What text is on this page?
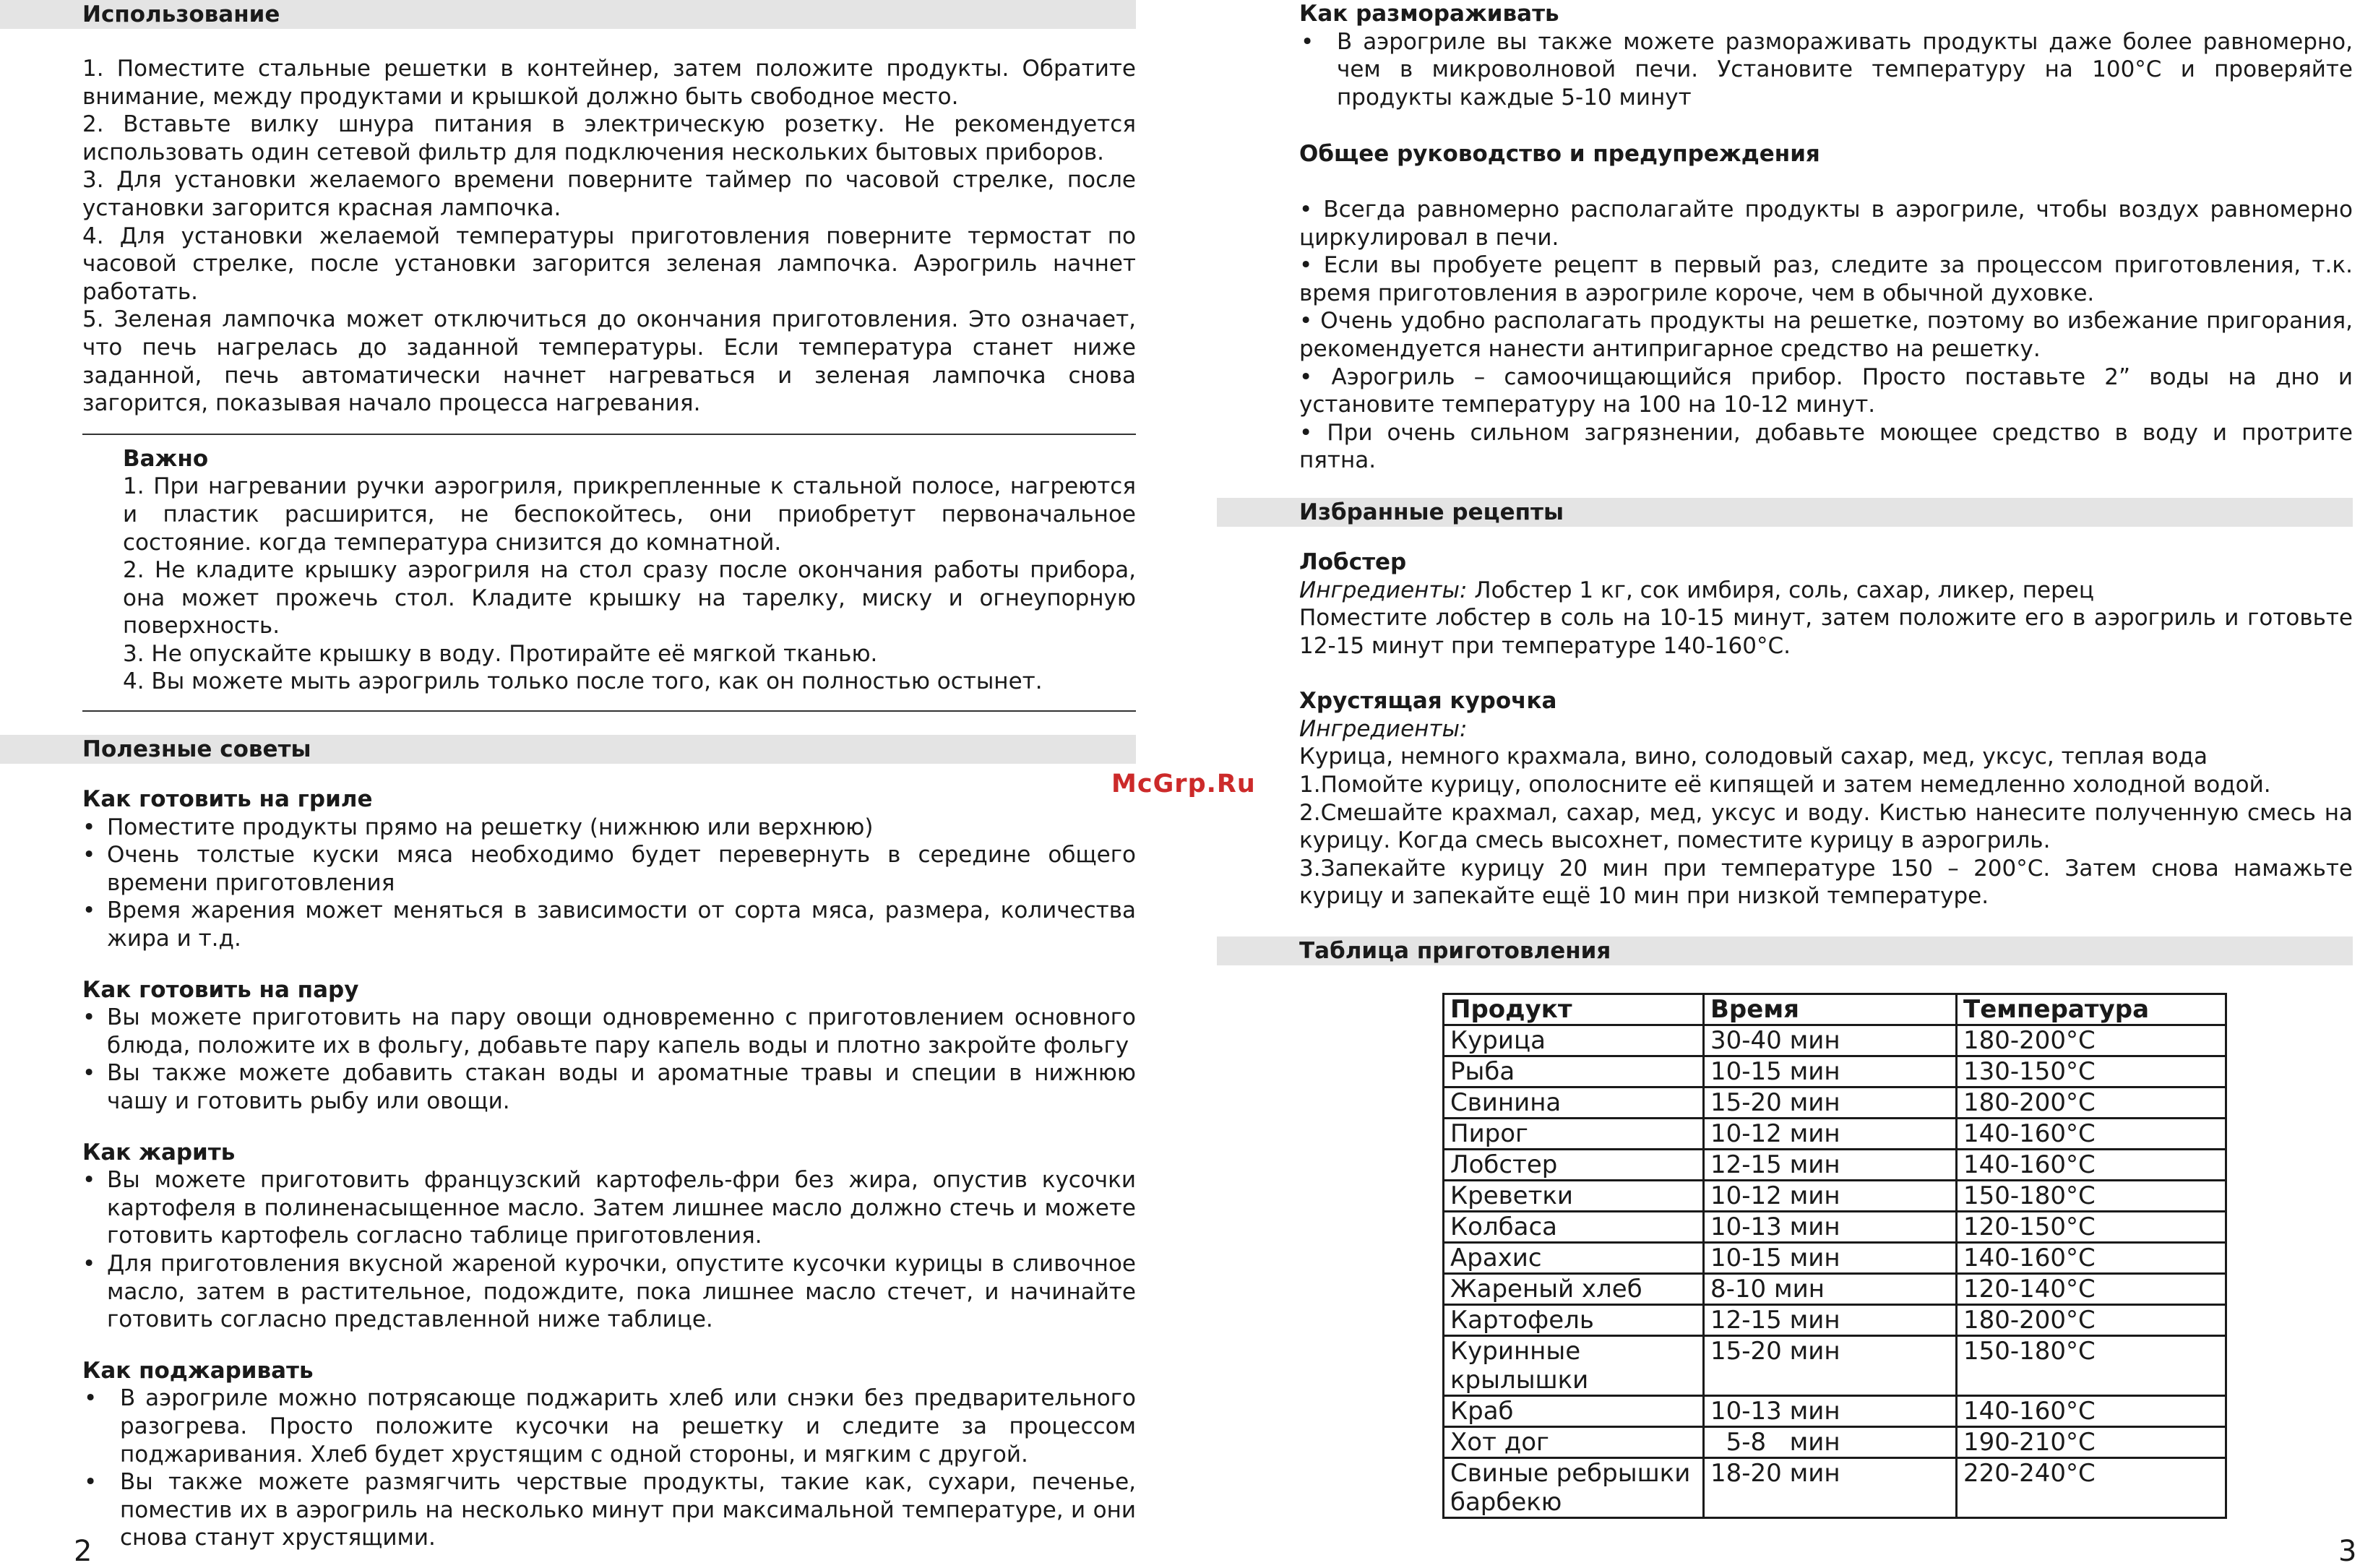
Использование

1. Поместите стальные решетки в контейнер, затем положите продукты. Обратите внимание, между продуктами и крышкой должно быть свободное место.

2. Вставьте вилку шнура питания в электрическую розетку. Не рекомендуется использовать один сетевой фильтр для подключения нескольких бытовых приборов.

3. Для установки желаемого времени поверните таймер по часовой стрелке, после установки загорится красная лампочка.

4. Для установки желаемой температуры приготовления поверните термостат по часовой стрелке, после установки загорится зеленая лампочка. Аэрогриль начнет работать.

5. Зеленая лампочка может отключиться до окончания приготовления. Это означает, что печь нагрелась до заданной температуры. Если температура станет ниже заданной, печь автоматически начнет нагреваться и зеленая лампочка снова загорится, показывая начало процесса нагревания.

Важно

1. При нагревании ручки аэрогриля, прикрепленные к стальной полосе, нагреются и пластик расширится, не беспокойтесь, они приобретут первоначальное состояние. когда температура снизится до комнатной.

2. Не кладите крышку аэрогриля на стол сразу после окончания работы прибора, она может прожечь стол. Кладите крышку на тарелку, миску и огнеупорную поверхность.

3. Не опускайте крышку в воду. Протирайте её мягкой тканью.

4. Вы можете мыть аэрогриль только после того, как он полностью остынет.

Полезные советы
Как готовить на гриле
• Поместите продукты прямо на решетку (нижнюю или верхнюю)
• Очень толстые куски мяса необходимо будет перевернуть в середине общего времени приготовления
• Время жарения может меняться в зависимости от сорта мяса, размера, количества жира и т.д.
Как готовить на пару
• Вы можете приготовить на пару овощи одновременно с приготовлением основного блюда, положите их в фольгу, добавьте пару капель воды и плотно закройте фольгу
• Вы также можете добавить стакан воды и ароматные травы и специи в нижнюю чашу и готовить рыбу или овощи.
Как жарить
• Вы можете приготовить французский картофель-фри без жира, опустив кусочки картофеля в полиненасыщенное масло. Затем лишнее масло должно стечь и можете готовить картофель согласно таблице приготовления.
• Для приготовления вкусной жареной курочки, опустите кусочки курицы в сливочное масло, затем в растительное, подождите, пока лишнее масло стечет, и начинайте готовить согласно представленной ниже таблице.
Как поджаривать
• В аэрогриле можно потрясающе поджарить хлеб или снэки без предварительного разогрева. Просто положите кусочки на решетку и следите за процессом поджаривания. Хлеб будет хрустящим с одной стороны, и мягким с другой.
• Вы также можете размягчить черствые продукты, такие как, сухари, печенье, поместив их в аэрогриль на несколько минут при максимальной температуре, и они снова станут хрустящими.
2
McGrp.Ru
Как размораживать
• В аэрогриле вы также можете размораживать продукты даже более равномерно, чем в микроволновой печи. Установите температуру на 100°С и проверяйте продукты каждые 5-10 минут
Общее руководство и предупреждения

• Всегда равномерно располагайте продукты в аэрогриле, чтобы воздух равномерно циркулировал в печи.

• Если вы пробуете рецепт в первый раз, следите за процессом приготовления, т.к. время приготовления в аэрогриле короче, чем в обычной духовке.

• Очень удобно располагать продукты на решетке, поэтому во избежание пригорания, рекомендуется нанести антипригарное средство на решетку.

• Аэрогриль – самоочищающийся прибор. Просто поставьте 2” воды на дно и установите температуру на 100 на 10-12 минут.

• При очень сильном загрязнении, добавьте моющее средство в воду и протрите пятна.

Избранные рецепты
Лобстер
Ингредиенты: Лобстер 1 кг, сок имбиря, соль, сахар, ликер, перец
Поместите лобстер в соль на 10-15 минут, затем положите его в аэрогриль и готовьте 12-15 минут при температуре 140-160°С.
Хрустящая курочка
Ингредиенты:
Курица, немного крахмала, вино, солодовый сахар, мед, уксус, теплая вода
1.Помойте курицу, ополосните её кипящей и затем немедленно холодной водой.
2.Смешайте крахмал, сахар, мед, уксус и воду. Кистью нанесите полученную смесь на курицу. Когда смесь высохнет, поместите курицу в аэрогриль.
3.Запекайте курицу 20 мин при температуре 150 – 200°С. Затем снова намажьте курицу и запекайте ещё 10 мин при низкой температуре.
Таблица приготовления
Продукт	Время	Температура
Курица	30-40 мин	180-200°С
Рыба	10-15 мин	130-150°С
Свинина	15-20 мин	180-200°С
Пирог	10-12 мин	140-160°С
Лобстер	12-15 мин	140-160°С
Креветки	10-12 мин	150-180°С
Колбаса	10-13 мин	120-150°С
Арахис	10-15 мин	140-160°С
Жареный хлеб	8-10 мин	120-140°С
Картофель	12-15 мин	180-200°С
Куринные крылышки	15-20 мин	150-180°С
Краб	10-13 мин	140-160°С
Хот дог	5-8   мин	190-210°С
Свиные ребрышки барбекю	18-20 мин	220-240°С
3
